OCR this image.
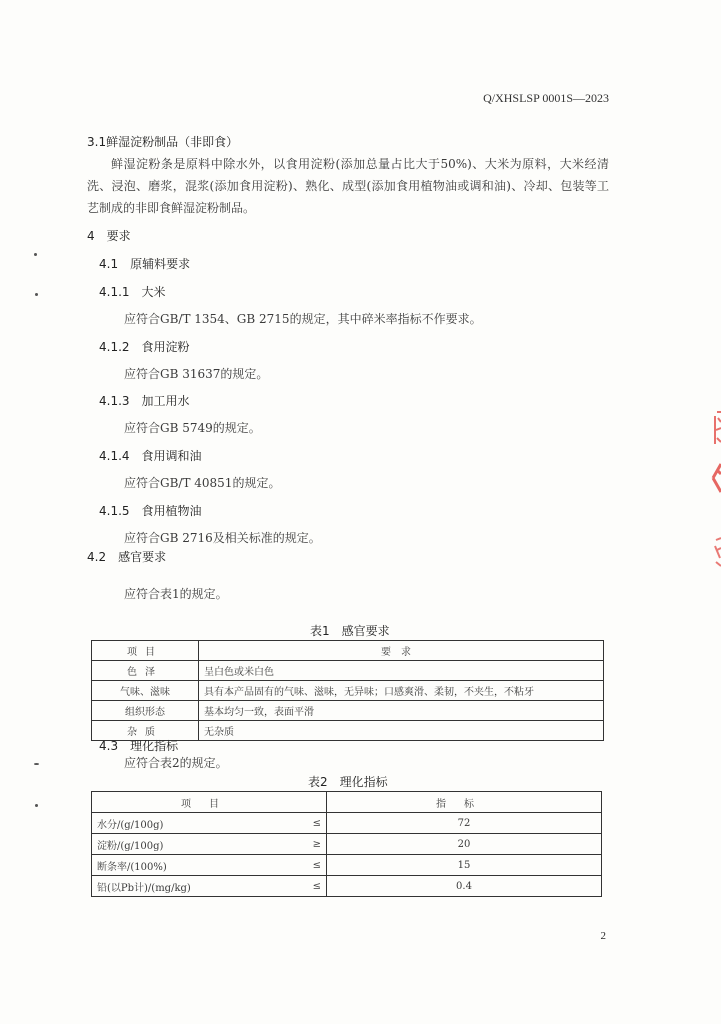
Q/XHSLSP 0001S—2023
3.1鲜湿淀粉制品（非即食）
鲜湿淀粉条是原料中除水外，以食用淀粉(添加总量占比大于50%)、大米为原料，大米经清洗、浸泡、磨浆，混浆(添加食用淀粉)、熟化、成型(添加食用植物油或调和油)、冷却、包装等工艺制成的非即食鲜湿淀粉制品。
4　要求
4.1　原辅料要求
4.1.1　大米
应符合GB/T 1354、GB 2715的规定，其中碎米率指标不作要求。
4.1.2　食用淀粉
应符合GB 31637的规定。
4.1.3　加工用水
应符合GB 5749的规定。
4.1.4　食用调和油
应符合GB/T 40851的规定。
4.1.5　食用植物油
应符合GB 2716及相关标准的规定。
4.2　感官要求
应符合表1的规定。
表1　感官要求
项目	要求
色泽	呈白色或米白色
气味、滋味	具有本产品固有的气味、滋味，无异味；口感爽滑、柔韧，不夹生，不粘牙
组织形态	基本均匀一致，表面平滑
杂质	无杂质
4.3　理化指标
应符合表2的规定。
表2　理化指标
项目		指标
水分/(g/100g)	≤	72
淀粉/(g/100g)	≥	20
断条率/(100%)	≤	15
铅(以Pb计)/(mg/kg)	≤	0.4
2
